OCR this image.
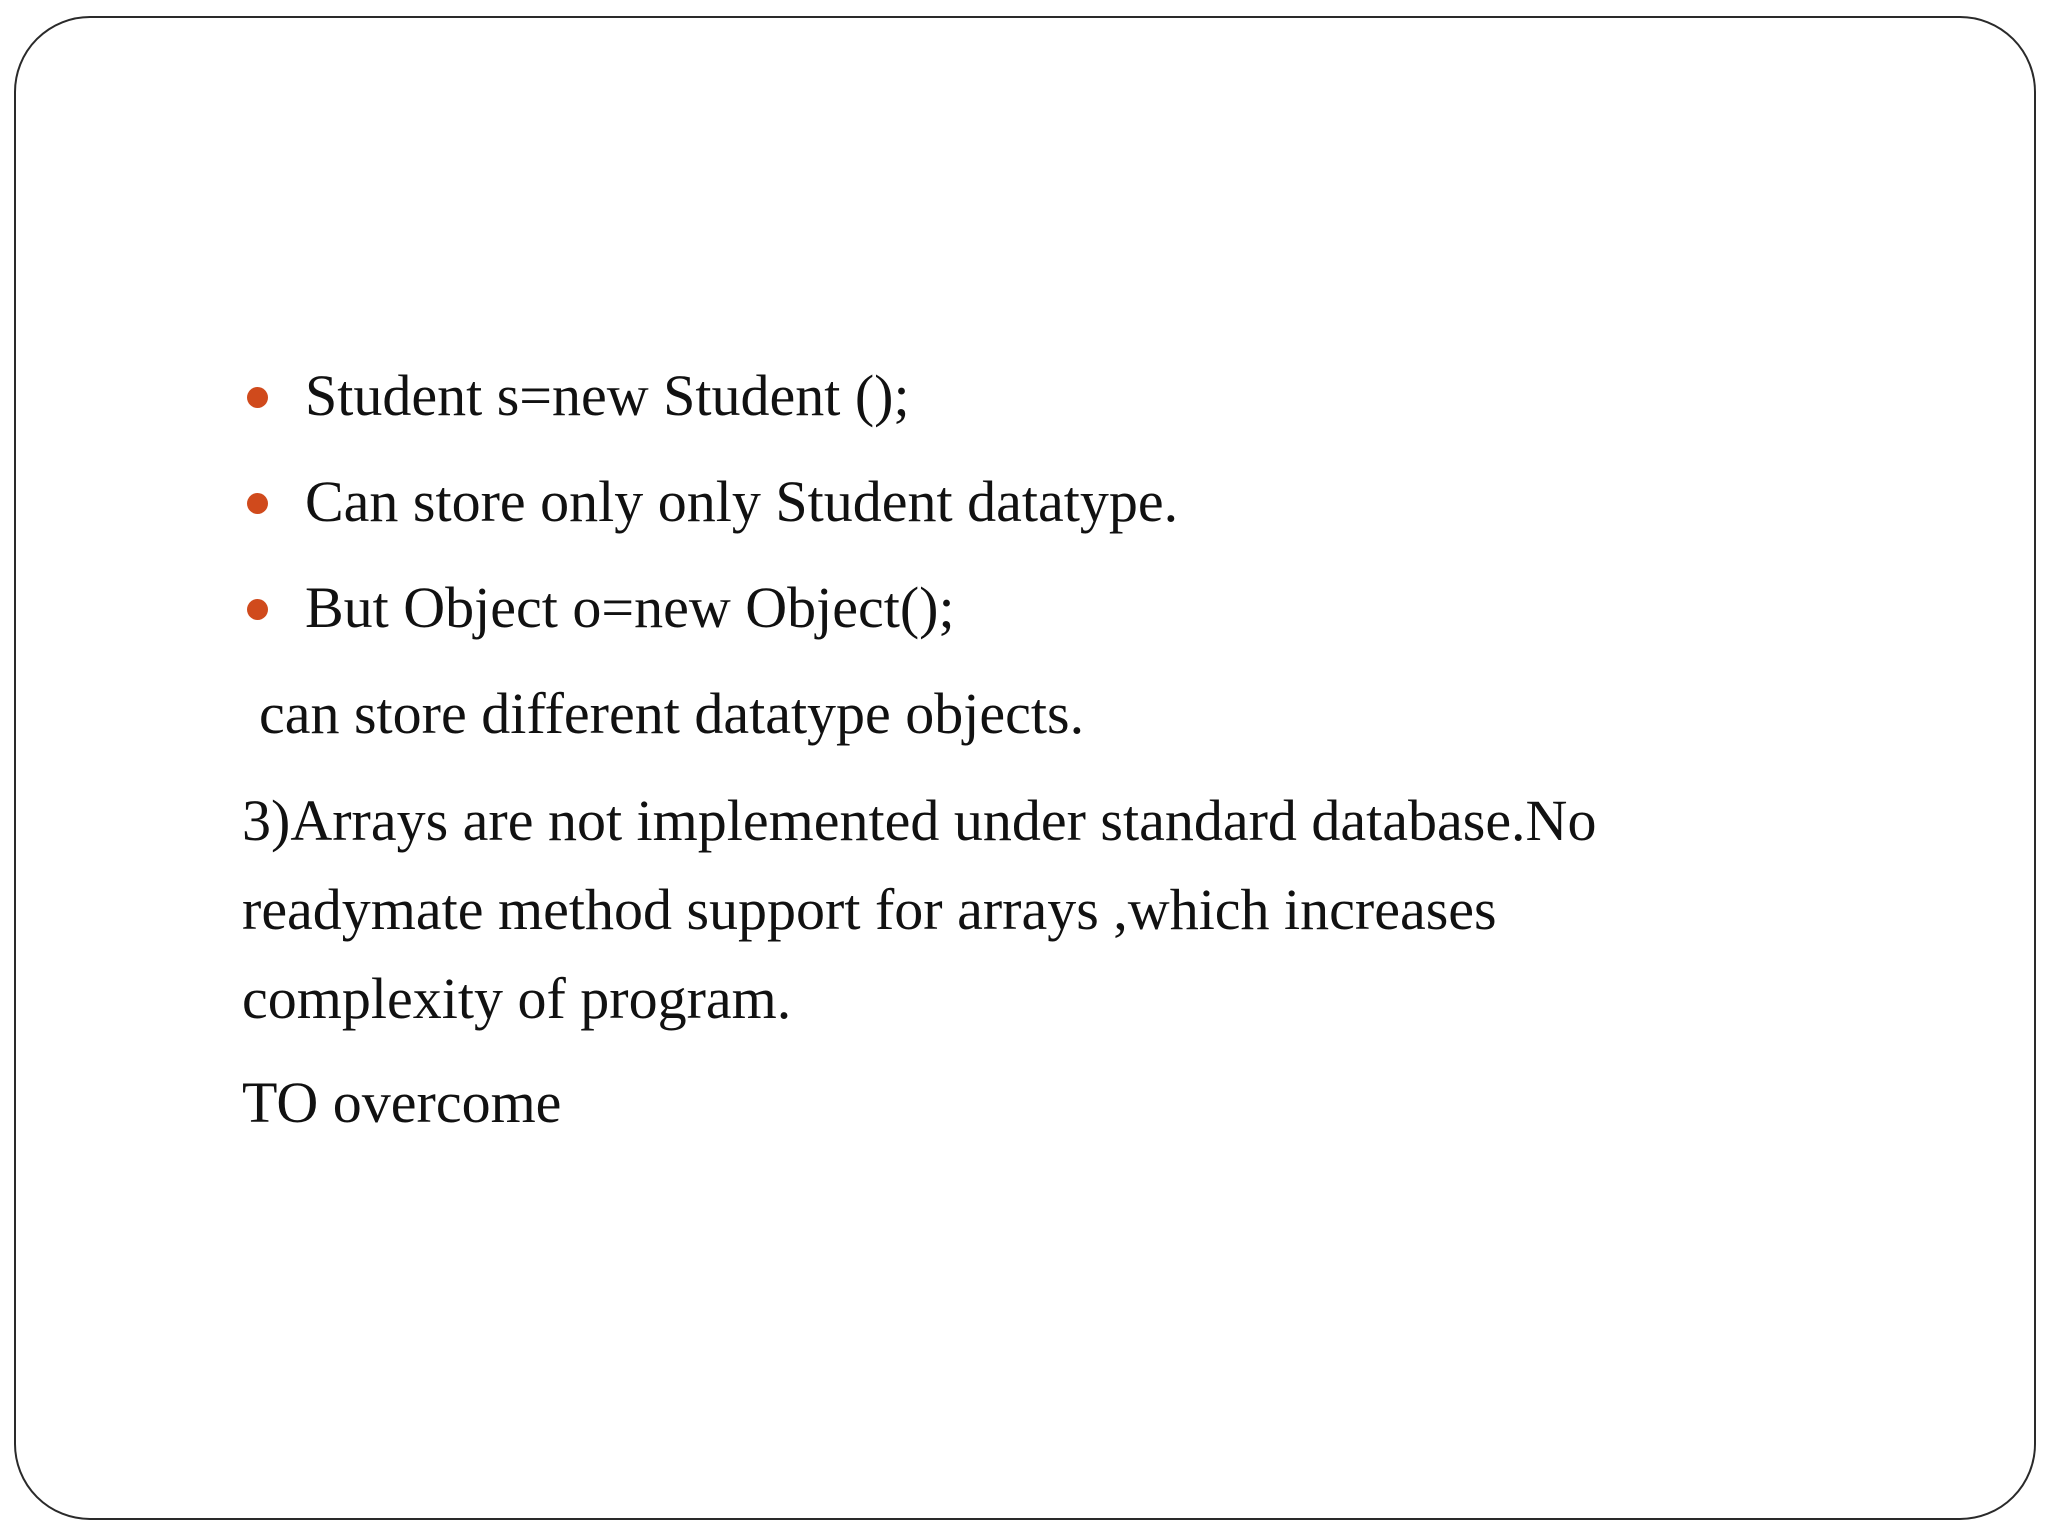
Student s=new Student ();
Can store only only Student datatype.
But Object o=new Object();
can store different datatype objects.
3)Arrays are not implemented under standard database.No
readymate method support for arrays ,which increases
complexity of program.
TO overcome
